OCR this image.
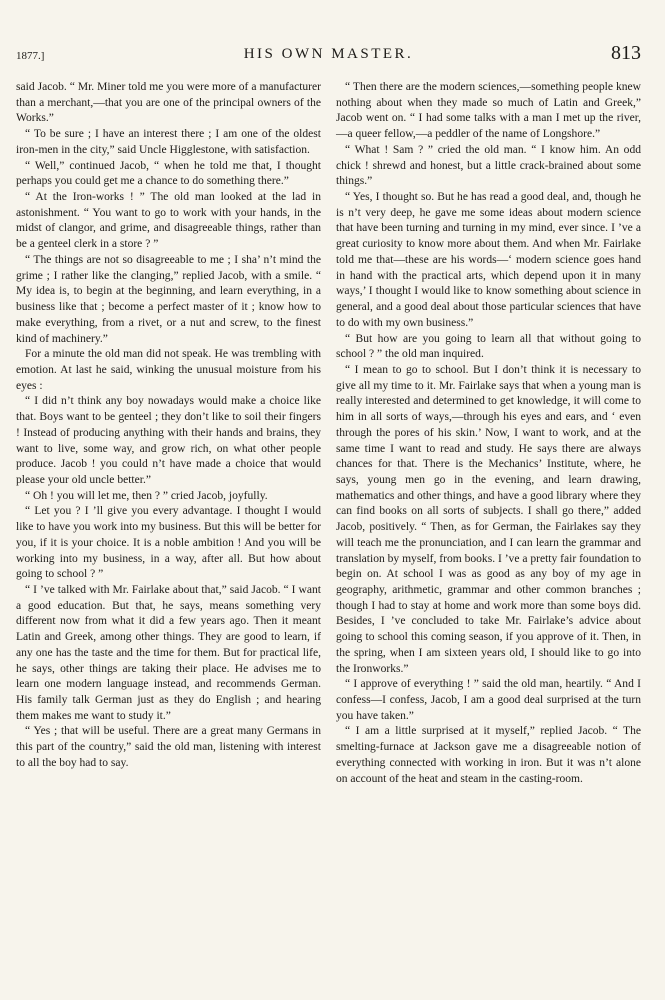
1877.]	HIS OWN MASTER.	813

said Jacob. “ Mr. Miner told me you were more of a manufacturer than a merchant,—that you are one of the principal owners of the Works.”

“ To be sure ; I have an interest there ; I am one of the oldest iron-men in the city,” said Uncle Higglestone, with satisfaction.

“ Well,” continued Jacob, “ when he told me that, I thought perhaps you could get me a chance to do something there.”

“ At the Iron-works ! ” The old man looked at the lad in astonishment. “ You want to go to work with your hands, in the midst of clangor, and grime, and disagreeable things, rather than be a genteel clerk in a store ? ”

“ The things are not so disagreeable to me ; I sha’ n’t mind the grime ; I rather like the clanging,” replied Jacob, with a smile. “ My idea is, to begin at the beginning, and learn everything, in a business like that ; become a perfect master of it ; know how to make everything, from a rivet, or a nut and screw, to the finest kind of machinery.”

For a minute the old man did not speak. He was trembling with emotion. At last he said, winking the unusual moisture from his eyes :

“ I did n’t think any boy nowadays would make a choice like that. Boys want to be genteel ; they don’t like to soil their fingers ! Instead of producing anything with their hands and brains, they want to live, some way, and grow rich, on what other people produce. Jacob ! you could n’t have made a choice that would please your old uncle better.”

“ Oh ! you will let me, then ? ” cried Jacob, joyfully.

“ Let you ? I ’ll give you every advantage. I thought I would like to have you work into my business. But this will be better for you, if it is your choice. It is a noble ambition ! And you will be working into my business, in a way, after all. But how about going to school ? ”

“ I ’ve talked with Mr. Fairlake about that,” said Jacob. “ I want a good education. But that, he says, means something very different now from what it did a few years ago. Then it meant Latin and Greek, among other things. They are good to learn, if any one has the taste and the time for them. But for practical life, he says, other things are taking their place. He advises me to learn one modern language instead, and recommends German. His family talk German just as they do English ; and hearing them makes me want to study it.”

“ Yes ; that will be useful. There are a great many Germans in this part of the country,” said the old man, listening with interest to all the boy had to say.

“ Then there are the modern sciences,—something people knew nothing about when they made so much of Latin and Greek,” Jacob went on. “ I had some talks with a man I met up the river, —a queer fellow,—a peddler of the name of Longshore.”

“ What ! Sam ? ” cried the old man. “ I know him. An odd chick ! shrewd and honest, but a little crack-brained about some things.”

“ Yes, I thought so. But he has read a good deal, and, though he is n’t very deep, he gave me some ideas about modern science that have been turning and turning in my mind, ever since. I ’ve a great curiosity to know more about them. And when Mr. Fairlake told me that—these are his words—‘ modern science goes hand in hand with the practical arts, which depend upon it in many ways,’ I thought I would like to know something about science in general, and a good deal about those particular sciences that have to do with my own business.”

“ But how are you going to learn all that without going to school ? ” the old man inquired.

“ I mean to go to school. But I don’t think it is necessary to give all my time to it. Mr. Fairlake says that when a young man is really interested and determined to get knowledge, it will come to him in all sorts of ways,—through his eyes and ears, and ‘ even through the pores of his skin.’ Now, I want to work, and at the same time I want to read and study. He says there are always chances for that. There is the Mechanics’ Institute, where, he says, young men go in the evening, and learn drawing, mathematics and other things, and have a good library where they can find books on all sorts of subjects. I shall go there,” added Jacob, positively. “ Then, as for German, the Fairlakes say they will teach me the pronunciation, and I can learn the grammar and translation by myself, from books. I ’ve a pretty fair foundation to begin on. At school I was as good as any boy of my age in geography, arithmetic, grammar and other common branches ; though I had to stay at home and work more than some boys did. Besides, I ’ve concluded to take Mr. Fairlake’s advice about going to school this coming season, if you approve of it. Then, in the spring, when I am sixteen years old, I should like to go into the Ironworks.”

“ I approve of everything ! ” said the old man, heartily. “ And I confess—I confess, Jacob, I am a good deal surprised at the turn you have taken.”

“ I am a little surprised at it myself,” replied Jacob. “ The smelting-furnace at Jackson gave me a disagreeable notion of everything connected with working in iron. But it was n’t alone on account of the heat and steam in the casting-room.
